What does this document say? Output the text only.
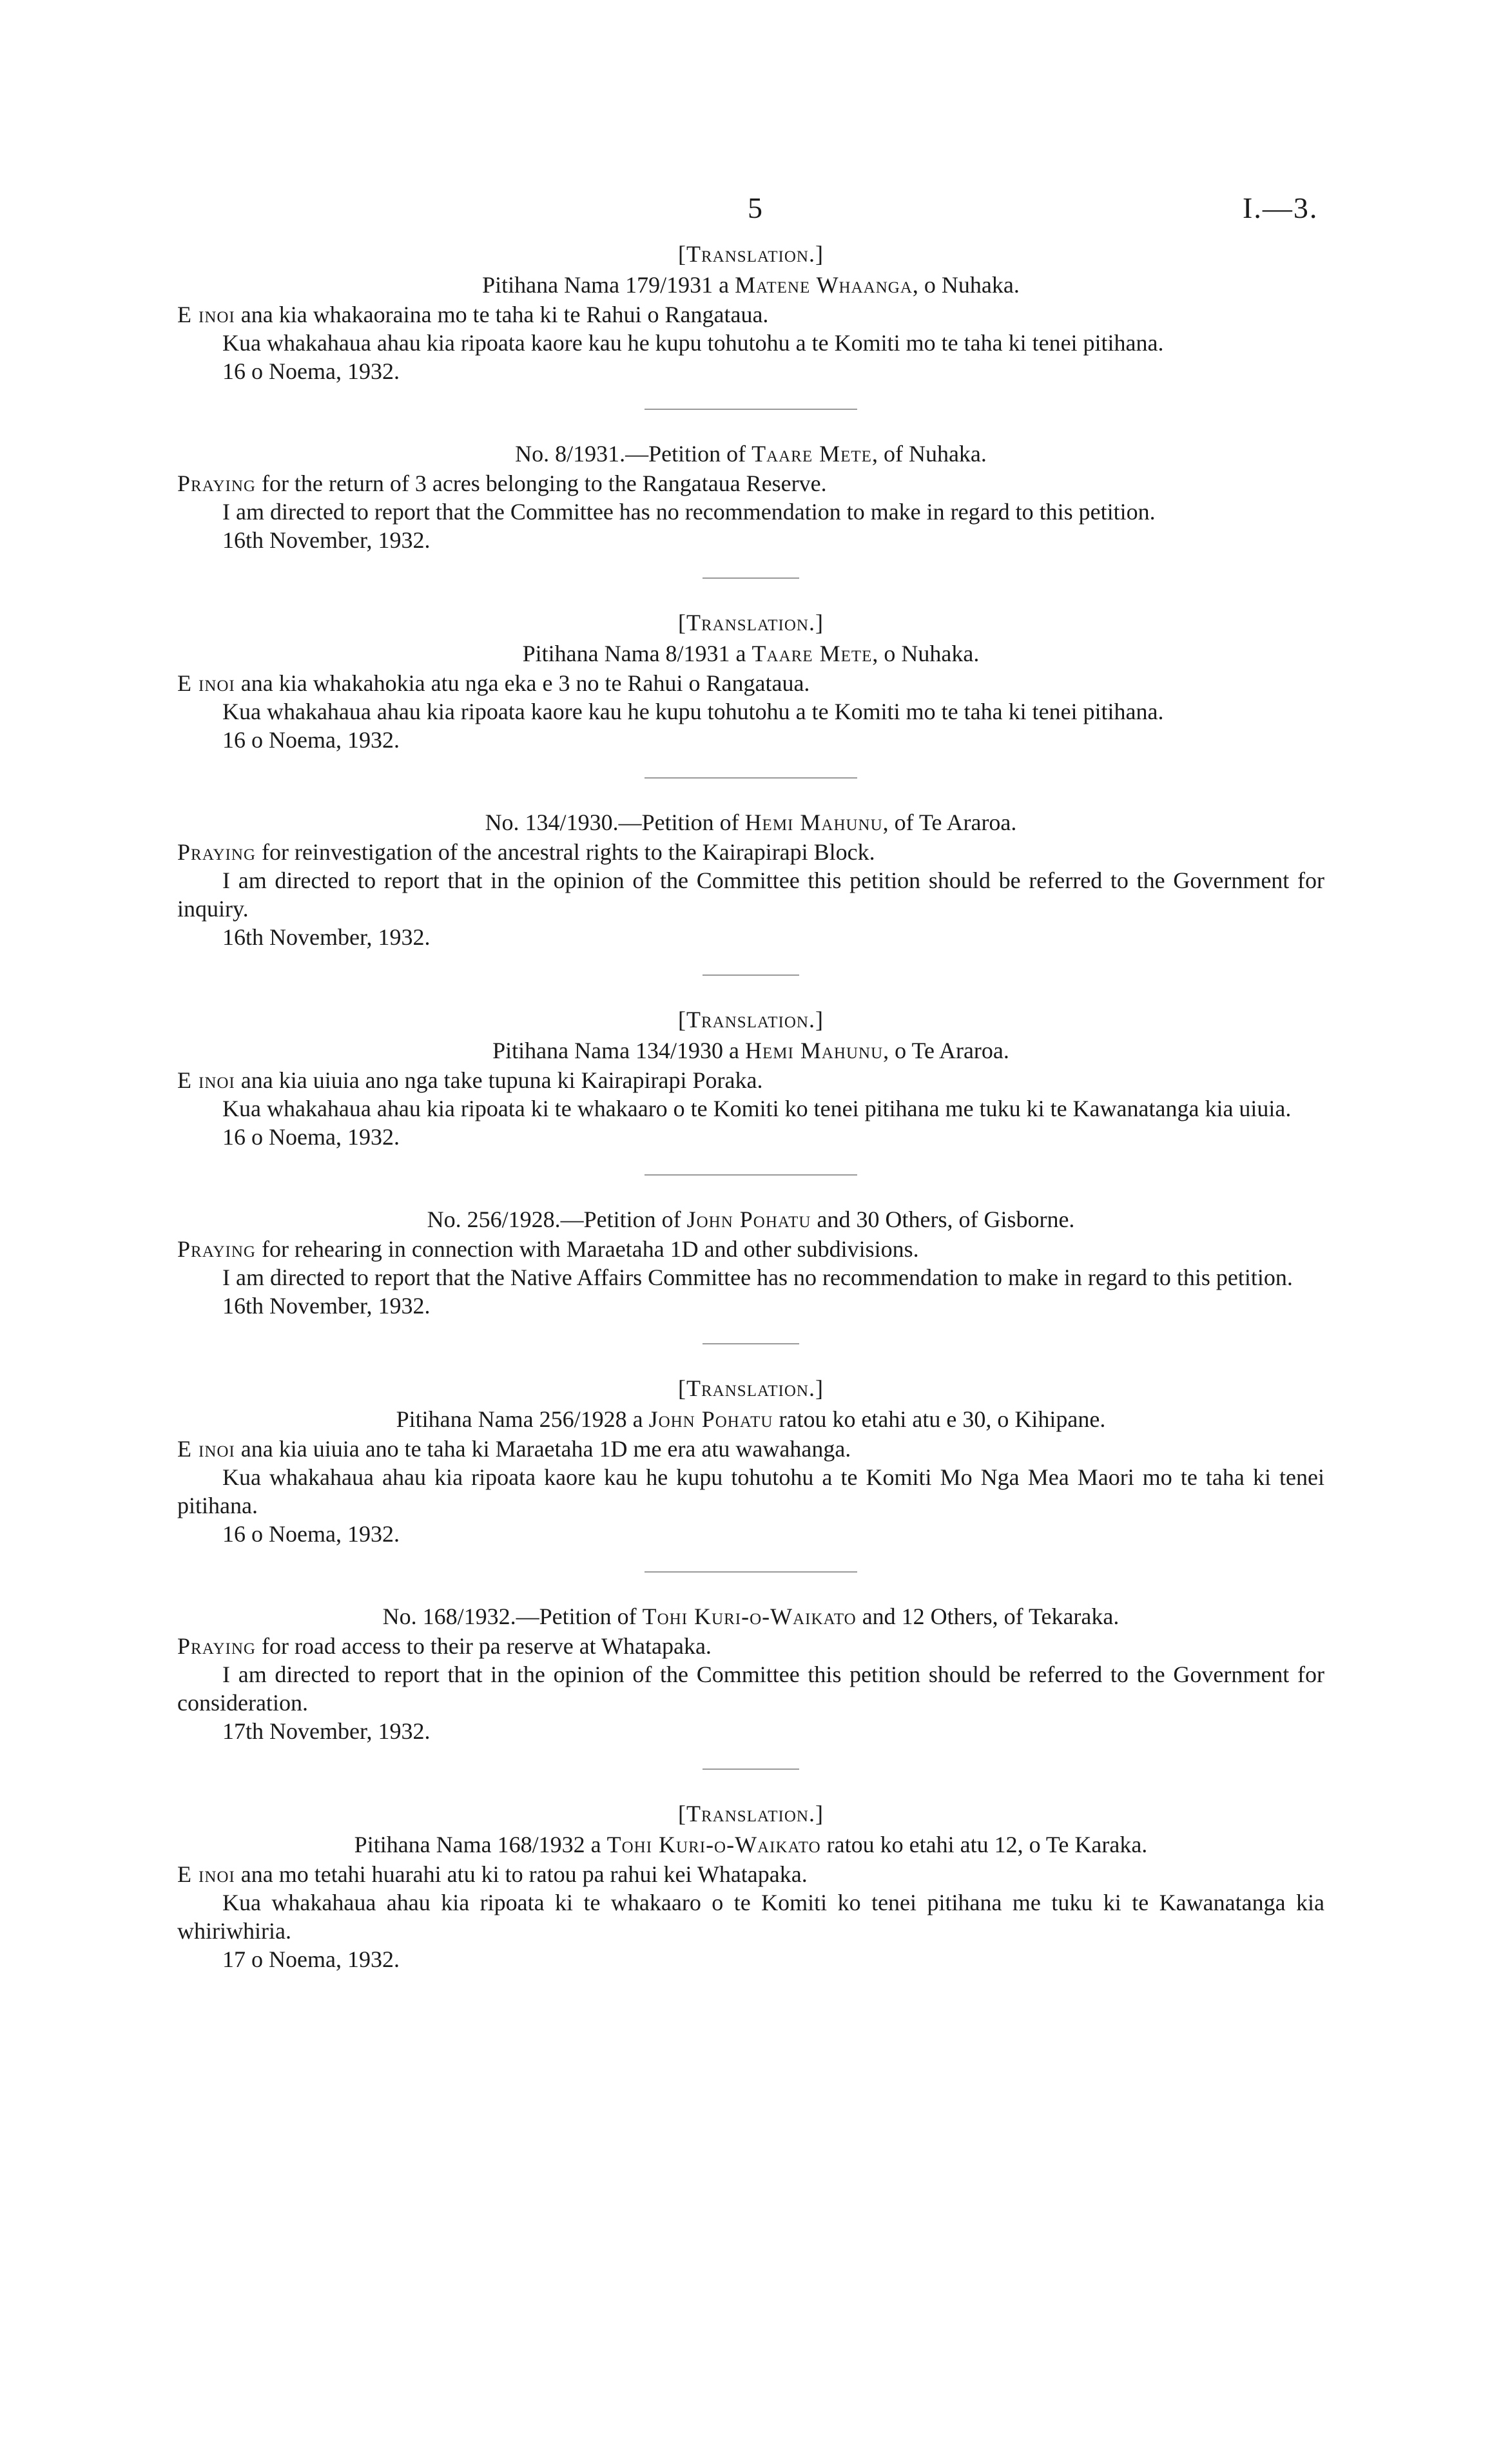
5	I.—3.

[Translation.]

Pitihana Nama 179/1931 a Matene Whaanga, o Nuhaka.

E inoi ana kia whakaoraina mo te taha ki te Rahui o Rangataua.

Kua whakahaua ahau kia ripoata kaore kau he kupu tohutohu a te Komiti mo te taha ki tenei pitihana.

16 o Noema, 1932.

No. 8/1931.—Petition of Taare Mete, of Nuhaka.

Praying for the return of 3 acres belonging to the Rangataua Reserve.

I am directed to report that the Committee has no recommendation to make in regard to this petition.

16th November, 1932.

[Translation.]

Pitihana Nama 8/1931 a Taare Mete, o Nuhaka.

E inoi ana kia whakahokia atu nga eka e 3 no te Rahui o Rangataua.

Kua whakahaua ahau kia ripoata kaore kau he kupu tohutohu a te Komiti mo te taha ki tenei pitihana.

16 o Noema, 1932.

No. 134/1930.—Petition of Hemi Mahunu, of Te Araroa.

Praying for reinvestigation of the ancestral rights to the Kairapirapi Block.

I am directed to report that in the opinion of the Committee this petition should be referred to the Government for inquiry.

16th November, 1932.

[Translation.]

Pitihana Nama 134/1930 a Hemi Mahunu, o Te Araroa.

E inoi ana kia uiuia ano nga take tupuna ki Kairapirapi Poraka.

Kua whakahaua ahau kia ripoata ki te whakaaro o te Komiti ko tenei pitihana me tuku ki te Kawanatanga kia uiuia.

16 o Noema, 1932.

No. 256/1928.—Petition of John Pohatu and 30 Others, of Gisborne.

Praying for rehearing in connection with Maraetaha 1D and other subdivisions.

I am directed to report that the Native Affairs Committee has no recommendation to make in regard to this petition.

16th November, 1932.

[Translation.]

Pitihana Nama 256/1928 a John Pohatu ratou ko etahi atu e 30, o Kihipane.

E inoi ana kia uiuia ano te taha ki Maraetaha 1D me era atu wawahanga.

Kua whakahaua ahau kia ripoata kaore kau he kupu tohutohu a te Komiti Mo Nga Mea Maori mo te taha ki tenei pitihana.

16 o Noema, 1932.

No. 168/1932.—Petition of Tohi Kuri-o-Waikato and 12 Others, of Tekaraka.

Praying for road access to their pa reserve at Whatapaka.

I am directed to report that in the opinion of the Committee this petition should be referred to the Government for consideration.

17th November, 1932.

[Translation.]

Pitihana Nama 168/1932 a Tohi Kuri-o-Waikato ratou ko etahi atu 12, o Te Karaka.

E inoi ana mo tetahi huarahi atu ki to ratou pa rahui kei Whatapaka.

Kua whakahaua ahau kia ripoata ki te whakaaro o te Komiti ko tenei pitihana me tuku ki te Kawanatanga kia whiriwhiria.

17 o Noema, 1932.
